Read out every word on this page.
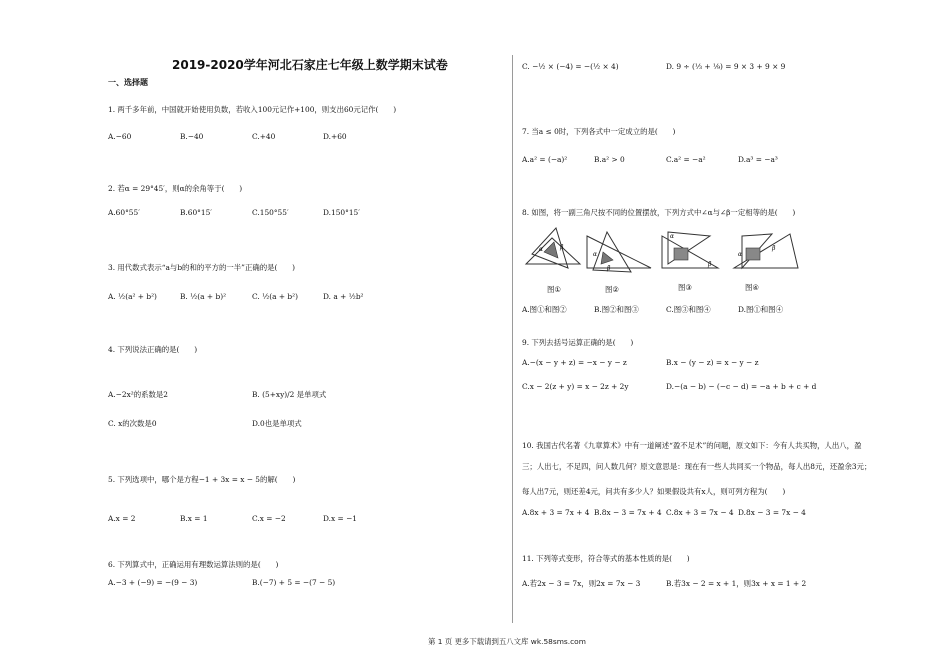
2019-2020学年河北石家庄七年级上数学期末试卷
一、选择题
1. 两千多年前，中国就开始使用负数，若收入100元记作+100，则支出60元记作(　　)
A.−60	B.−40	C.+40	D.+60
2. 若α = 29°45′，则α的余角等于(　　)
A.60°55′	B.60°15′	C.150°55′	D.150°15′
3. 用代数式表示“a与b的和的平方的一半”正确的是(　　)
A. ½(a² + b²)	B. ½(a + b)²	C. ½(a + b²)	D. a + ½b²
4. 下列说法正确的是(　　)
A.−2x²的系数是2	B. (5+xy)/2 是单项式
C. x的次数是0	D.0也是单项式
5. 下列选项中，哪个是方程−1 + 3x = x − 5的解(　　)
A.x = 2	B.x = 1	C.x = −2	D.x = −1
6. 下列算式中，正确运用有理数运算法则的是(　　)
A.−3 + (−9) = −(9 − 3)	B.(−7) + 5 = −(7 − 5)
C. −½ × (−4) = −(½ × 4)	D. 9 ÷ (⅓ + ⅑) = 9 × 3 + 9 × 9
7. 当a ≤ 0时，下列各式中一定成立的是(　　)
A.a² = (−a)²	B.a² > 0	C.a² = −a²	D.a³ = −a³
8. 如图，将一副三角尺按不同的位置摆放，下列方式中∠α与∠β一定相等的是(　　)
α	β
图①
α
β
图②
α
β
图③
α
β
图④
A.图①和图②	B.图②和图③	C.图③和图④	D.图①和图④
9. 下列去括号运算正确的是(　　)
A.−(x − y + z) = −x − y − z	B.x − (y − z) = x − y − z
C.x − 2(z + y) = x − 2z + 2y	D.−(a − b) − (−c − d) = −a + b + c + d
10. 我国古代名著《九章算术》中有一道阐述“盈不足术”的问题，原文如下：今有人共买物，人出八，盈
三；人出七，不足四，问人数几何？原文意思是：现在有一些人共同买一个物品，每人出8元，还盈余3元；
每人出7元，则还差4元，问共有多少人？如果假设共有x人，则可列方程为(　　)
A.8x + 3 = 7x + 4 B.8x − 3 = 7x + 4 C.8x + 3 = 7x − 4 D.8x − 3 = 7x − 4
11. 下列等式变形，符合等式的基本性质的是(　　)
A.若2x − 3 = 7x，则2x = 7x − 3	B.若3x − 2 = x + 1，则3x + x = 1 + 2
第 1 页 更多下载请到五八文库 wk.58sms.com
